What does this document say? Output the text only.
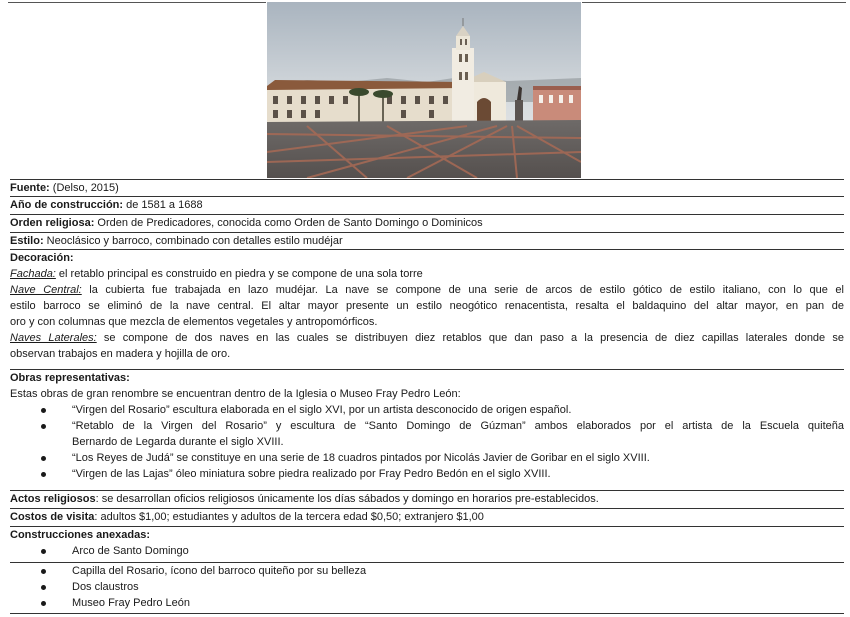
Fuente: (Delso, 2015)
Año de construcción: de 1581 a 1688
Orden religiosa: Orden de Predicadores, conocida como Orden de Santo Domingo o Dominicos
Estilo: Neoclásico y barroco, combinado con detalles estilo mudéjar
Decoración:
Fachada: el retablo principal es construido en piedra y se compone de una sola torre
Nave Central: la cubierta fue trabajada en lazo mudéjar. La nave se compone de una serie de arcos de estilo gótico de estilo italiano, con lo que el
estilo barroco se eliminó de la nave central. El altar mayor presente un estilo neogótico renacentista, resalta el baldaquino del altar mayor, en pan de
oro y con columnas que mezcla de elementos vegetales y antropomórficos.
Naves Laterales: se compone de dos naves en las cuales se distribuyen diez retablos que dan paso a la presencia de diez capillas laterales donde se
observan trabajos en madera y hojilla de oro.
Obras representativas:
Estas obras de gran renombre se encuentran dentro de la Iglesia o Museo Fray Pedro León:
“Virgen del Rosario” escultura elaborada en el siglo XVI, por un artista desconocido de origen español.
“Retablo de la Virgen del Rosario” y escultura de “Santo Domingo de Gúzman” ambos elaborados por el artista de la Escuela quiteña
Bernardo de Legarda durante el siglo XVIII.
“Los Reyes de Judá” se constituye en una serie de 18 cuadros pintados por Nicolás Javier de Goribar en el siglo XVIII.
“Virgen de las Lajas” óleo miniatura sobre piedra realizado por Fray Pedro Bedón en el siglo XVIII.
Actos religiosos: se desarrollan oficios religiosos únicamente los días sábados y domingo en horarios pre-establecidos.
Costos de visita: adultos $1,00; estudiantes y adultos de la tercera edad $0,50; extranjero $1,00
Construcciones anexadas:
Arco de Santo Domingo
Capilla del Rosario, ícono del barroco quiteño por su belleza
Dos claustros
Museo Fray Pedro León
